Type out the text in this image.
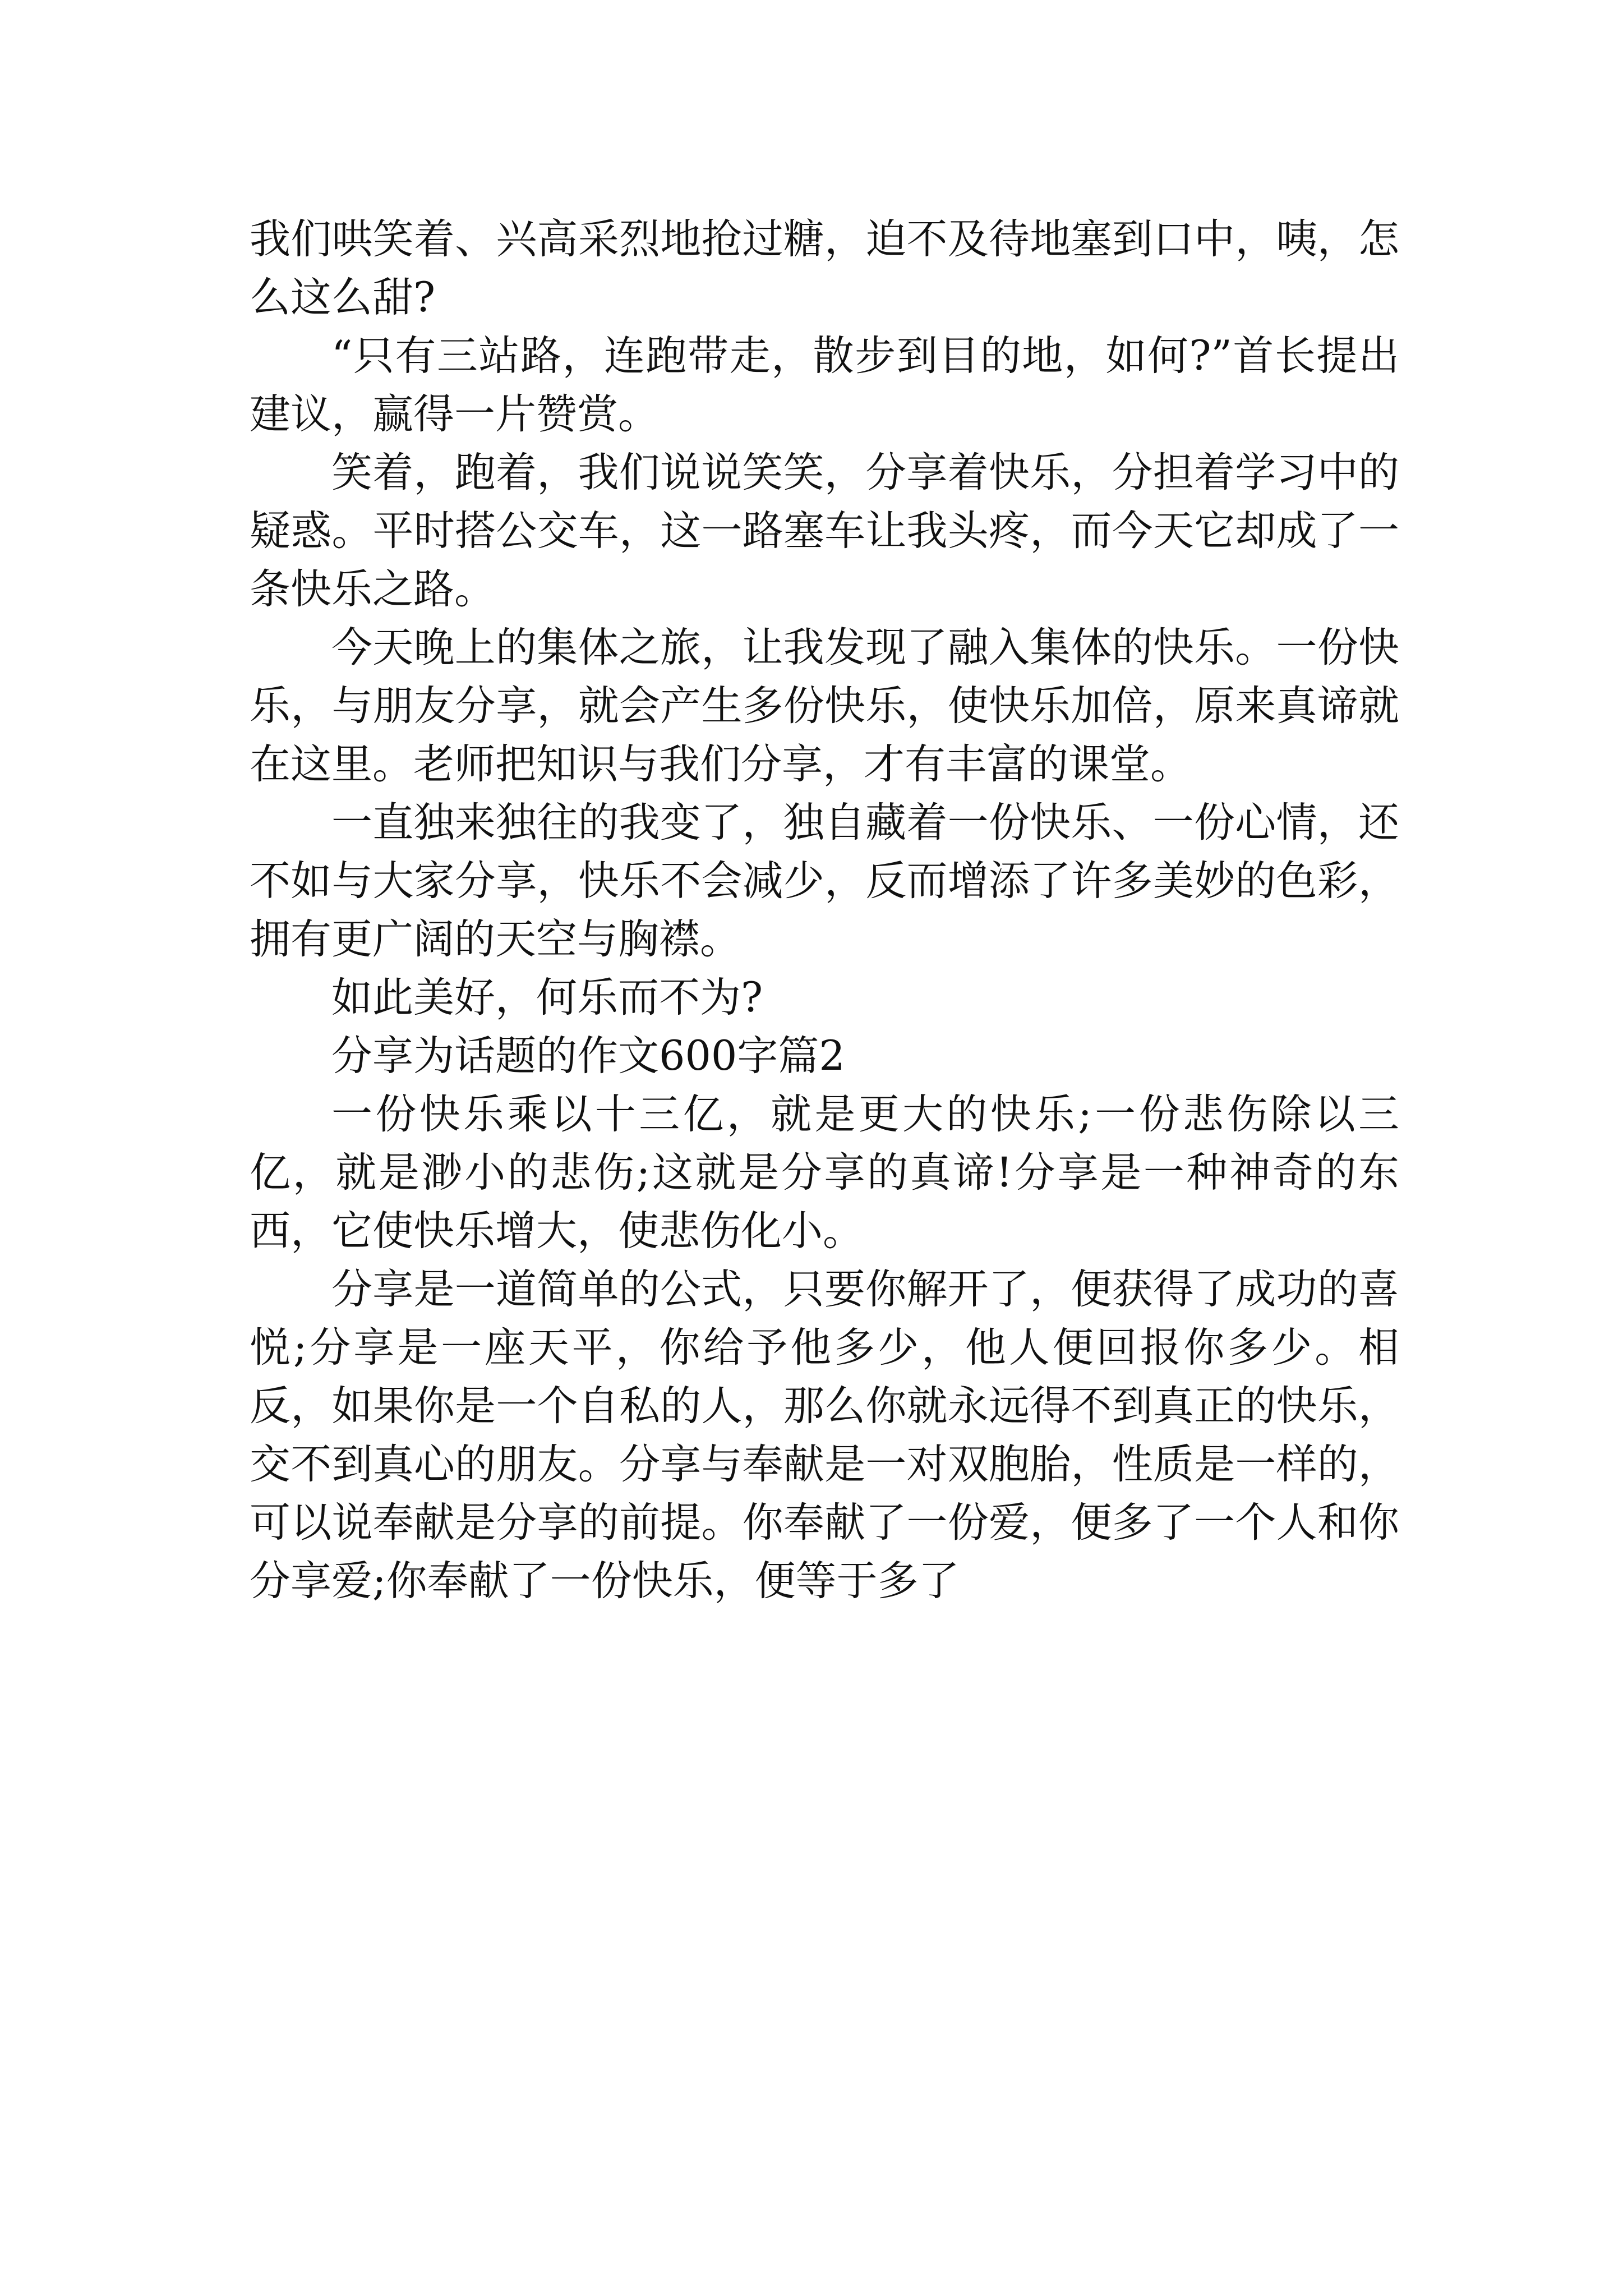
我们哄笑着、兴高采烈地抢过糖，迫不及待地塞到口中，咦，怎么这么甜?

“只有三站路，连跑带走，散步到目的地，如何?”首长提出建议，赢得一片赞赏。

笑着，跑着，我们说说笑笑，分享着快乐，分担着学习中的疑惑。平时搭公交车，这一路塞车让我头疼，而今天它却成了一条快乐之路。

今天晚上的集体之旅，让我发现了融入集体的快乐。一份快乐，与朋友分享，就会产生多份快乐，使快乐加倍，原来真谛就在这里。老师把知识与我们分享，才有丰富的课堂。

一直独来独往的我变了，独自藏着一份快乐、一份心情，还不如与大家分享，快乐不会减少，反而增添了许多美妙的色彩，拥有更广阔的天空与胸襟。

如此美好，何乐而不为?

分享为话题的作文600字篇2

一份快乐乘以十三亿，就是更大的快乐;一份悲伤除以三亿，就是渺小的悲伤;这就是分享的真谛!分享是一种神奇的东西，它使快乐增大，使悲伤化小。

分享是一道简单的公式，只要你解开了，便获得了成功的喜悦;分享是一座天平，你给予他多少，他人便回报你多少。相反，如果你是一个自私的人，那么你就永远得不到真正的快乐，交不到真心的朋友。分享与奉献是一对双胞胎，性质是一样的，可以说奉献是分享的前提。你奉献了一份爱，便多了一个人和你分享爱;你奉献了一份快乐，便等于多了
